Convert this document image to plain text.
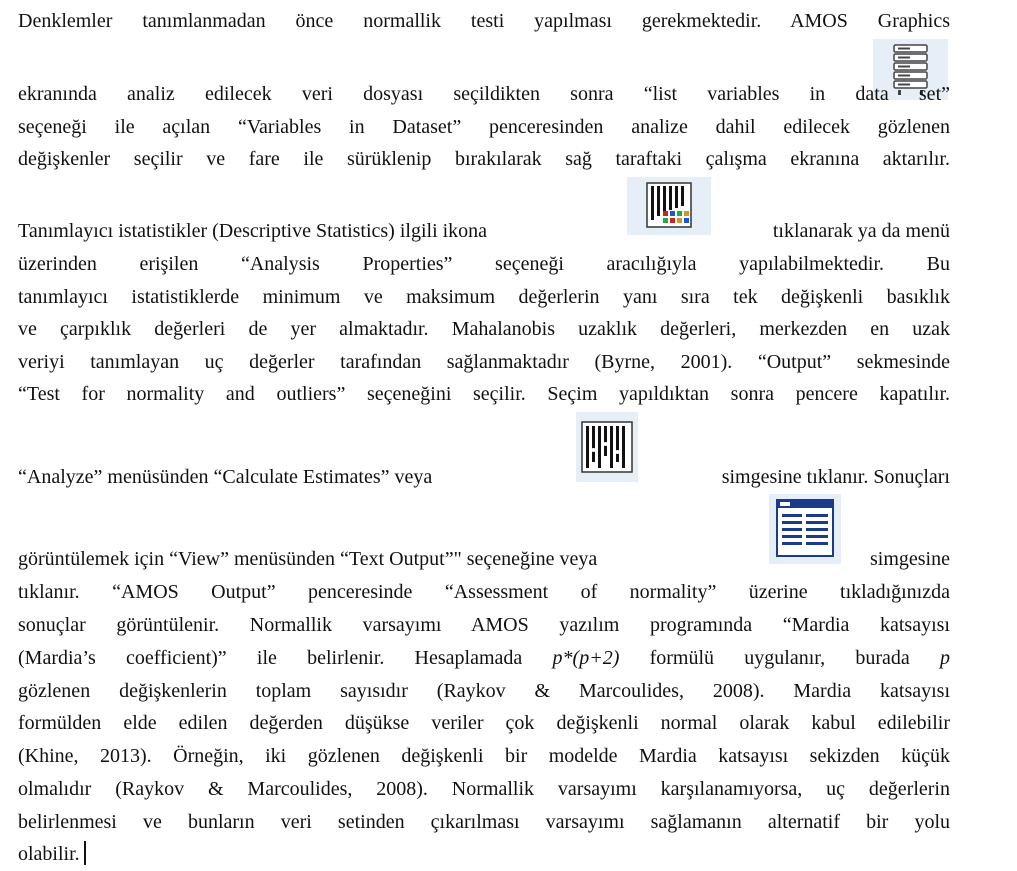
Denklemler tanımlanmadan önce normallik testi yapılması gerekmektedir. AMOS Graphics
ekranında analiz edilecek veri dosyası seçildikten sonra “list variables in data set”
seçeneği ile açılan “Variables in Dataset” penceresinden analize dahil edilecek gözlenen
değişkenler seçilir ve fare ile sürüklenip bırakılarak sağ taraftaki çalışma ekranına aktarılır.
Tanımlayıcı istatistikler (Descriptive Statistics) ilgili ikona	tıklanarak ya da menü
üzerinden erişilen “Analysis Properties” seçeneği aracılığıyla yapılabilmektedir. Bu
tanımlayıcı istatistiklerde minimum ve maksimum değerlerin yanı sıra tek değişkenli basıklık
ve çarpıklık değerleri de yer almaktadır. Mahalanobis uzaklık değerleri, merkezden en uzak
veriyi tanımlayan uç değerler tarafından sağlanmaktadır (Byrne, 2001). “Output” sekmesinde
“Test for normality and outliers” seçeneğini seçilir. Seçim yapıldıktan sonra pencere kapatılır.
“Analyze” menüsünden “Calculate Estimates” veya	simgesine tıklanır. Sonuçları
görüntülemek için “View” menüsünden “Text Output”" seçeneğine veya	simgesine
tıklanır. “AMOS Output” penceresinde “Assessment of normality” üzerine tıkladığınızda
sonuçlar görüntülenir. Normallik varsayımı AMOS yazılım programında “Mardia katsayısı
(Mardia’s coefficient)” ile belirlenir. Hesaplamada p*(p+2) formülü uygulanır, burada p
gözlenen değişkenlerin toplam sayısıdır (Raykov & Marcoulides, 2008). Mardia katsayısı
formülden elde edilen değerden düşükse veriler çok değişkenli normal olarak kabul edilebilir
(Khine, 2013). Örneğin, iki gözlenen değişkenli bir modelde Mardia katsayısı sekizden küçük
olmalıdır (Raykov & Marcoulides, 2008). Normallik varsayımı karşılanamıyorsa, uç değerlerin
belirlenmesi ve bunların veri setinden çıkarılması varsayımı sağlamanın alternatif bir yolu
olabilir.
